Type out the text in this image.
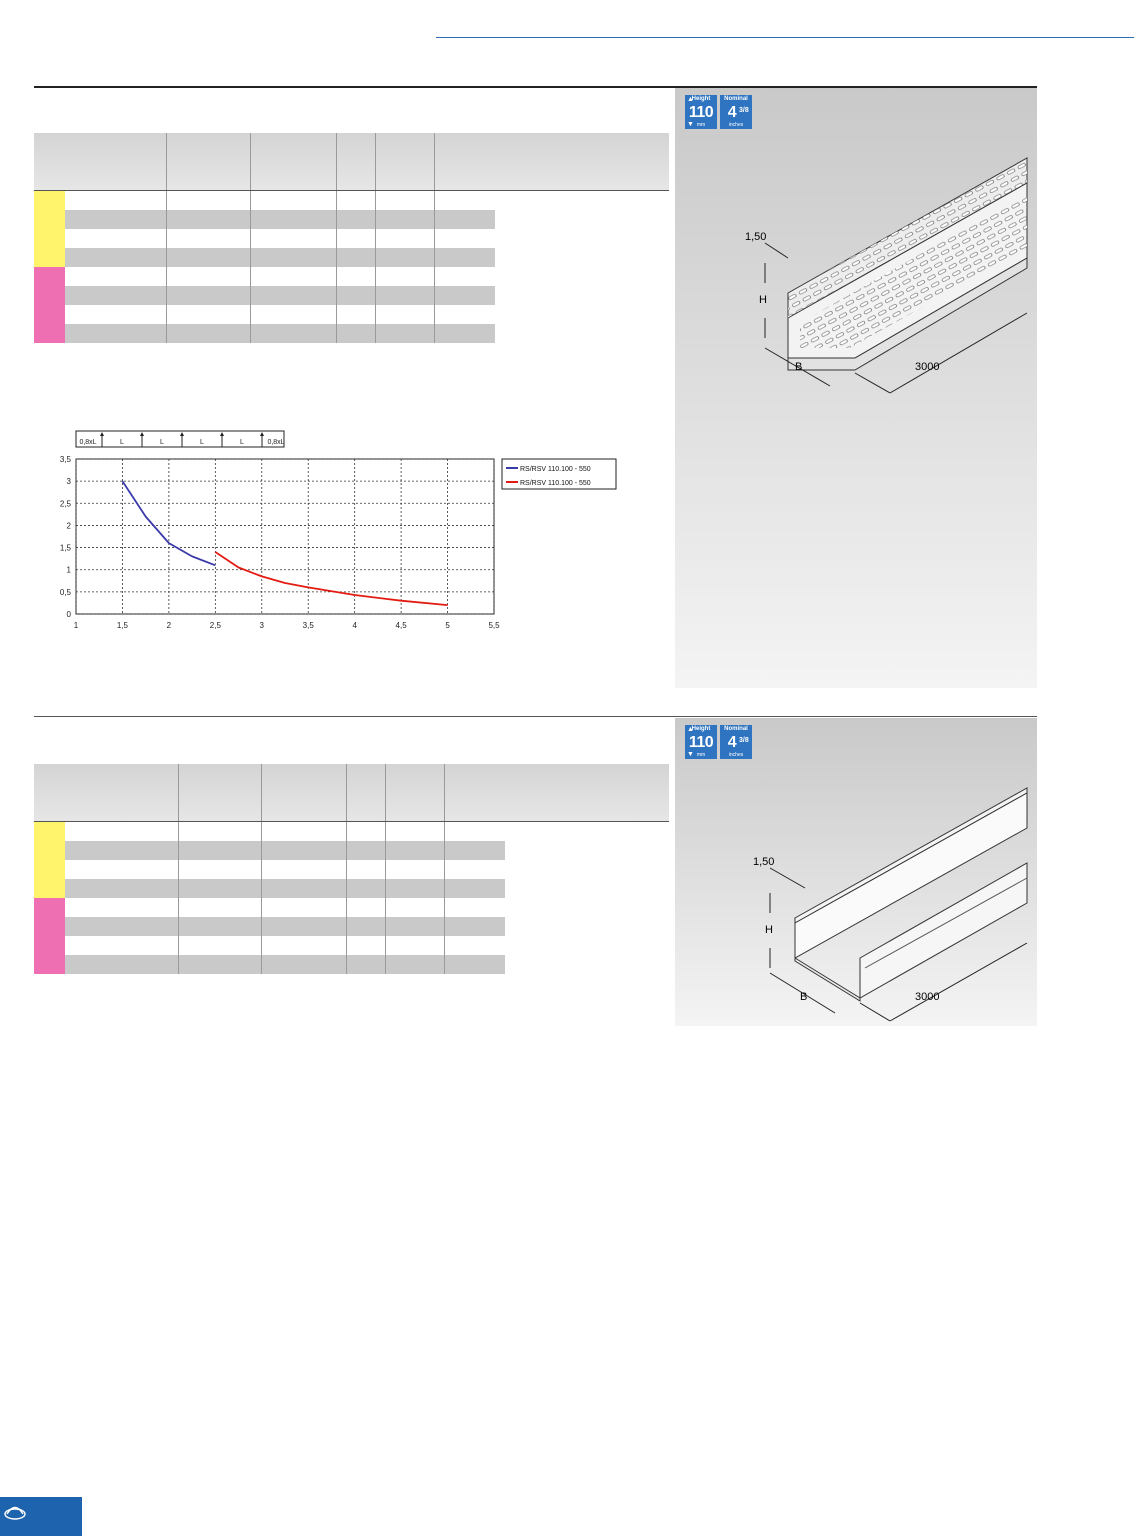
0,8xL	L	L	L	L	0,8xL
1	1,5	2	2,5	3	3,5	4	4,5	5	5,5
0
0,5
1
1,5
2
2,5
3
3,5
RS/RSV 110.100 - 550
RS/RSV 110.100 - 550
▲
Height
110
mm
▼
Nominal
4 3/8
inches
1,50
H
B	3000
▲
Height
110
mm
▼
Nominal
4 3/8
inches
1,50
H
B	3000
